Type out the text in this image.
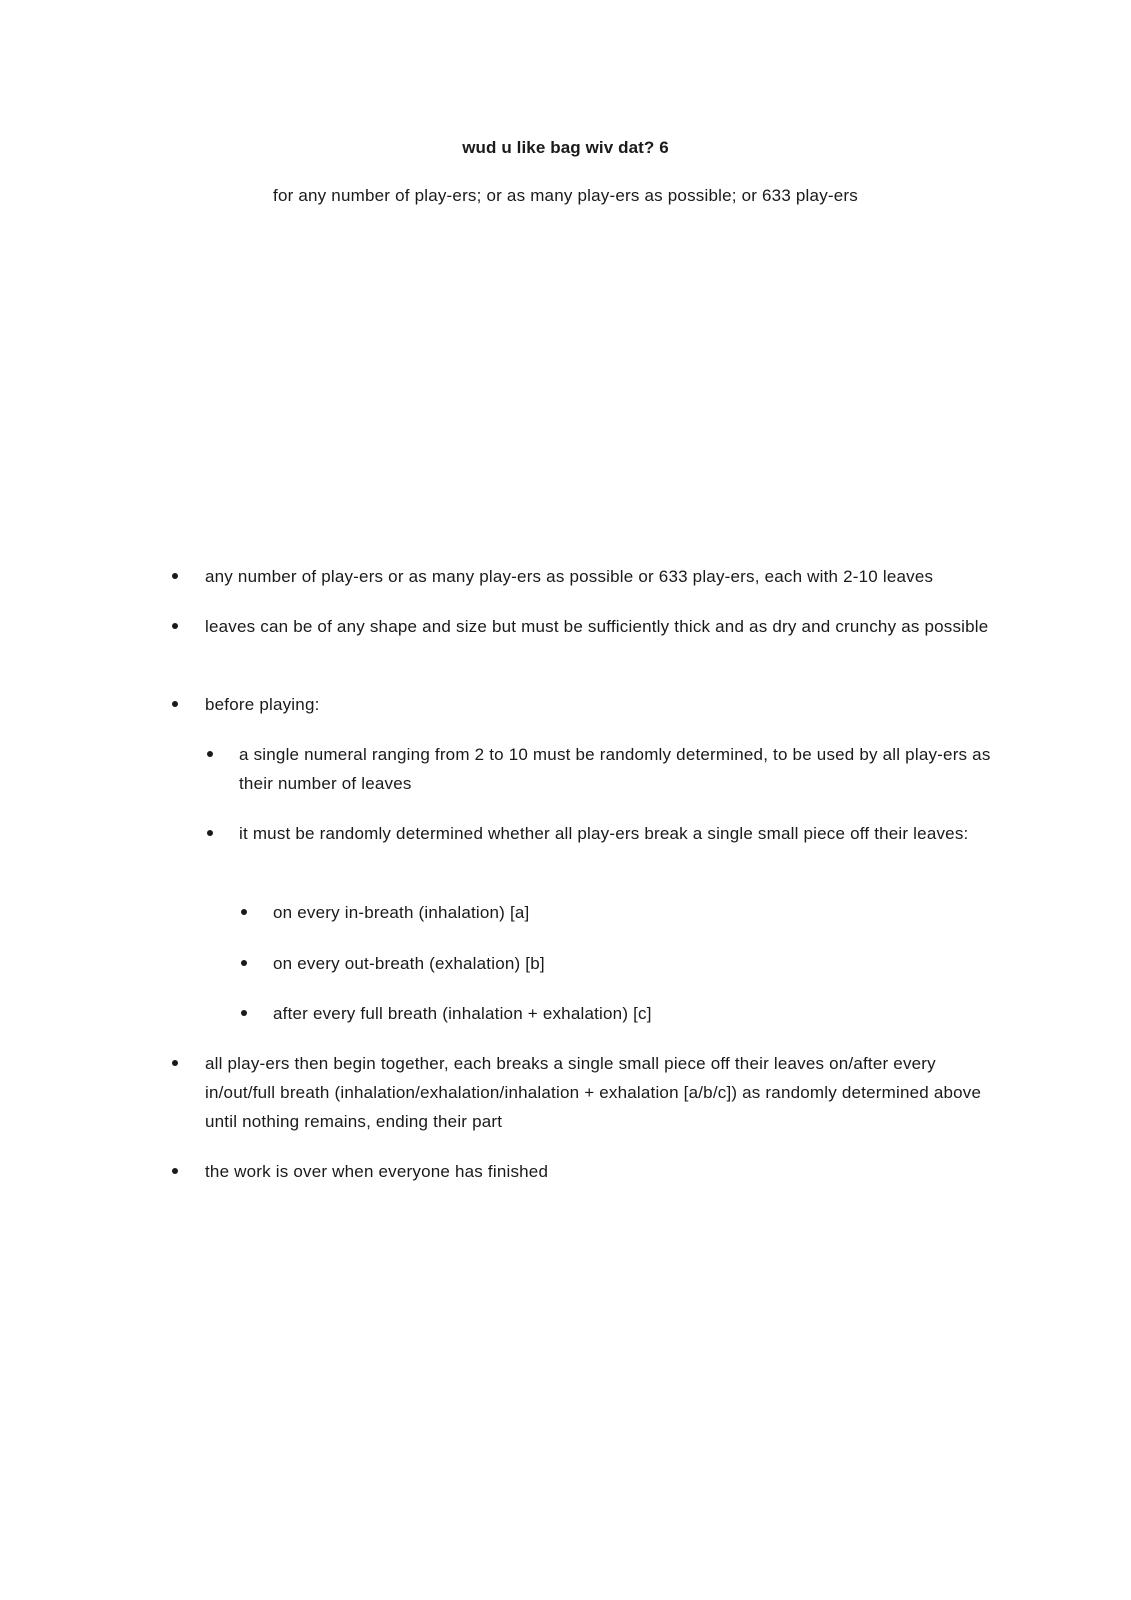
wud u like bag wiv dat? 6
for any number of play-ers; or as many play-ers as possible; or 633 play-ers
any number of play-ers or as many play-ers as possible or 633 play-ers, each with 2-10 leaves
leaves can be of any shape and size but must be sufficiently thick and as dry and crunchy as possible
before playing:
a single numeral ranging from 2 to 10 must be randomly determined, to be used by all play-ers as their number of leaves
it must be randomly determined whether all play-ers break a single small piece off their leaves:
on every in-breath (inhalation) [a]
on every out-breath (exhalation) [b]
after every full breath (inhalation + exhalation) [c]
all play-ers then begin together, each breaks a single small piece off their leaves on/after every in/out/full breath (inhalation/exhalation/inhalation + exhalation [a/b/c]) as randomly determined above until nothing remains, ending their part
the work is over when everyone has finished
